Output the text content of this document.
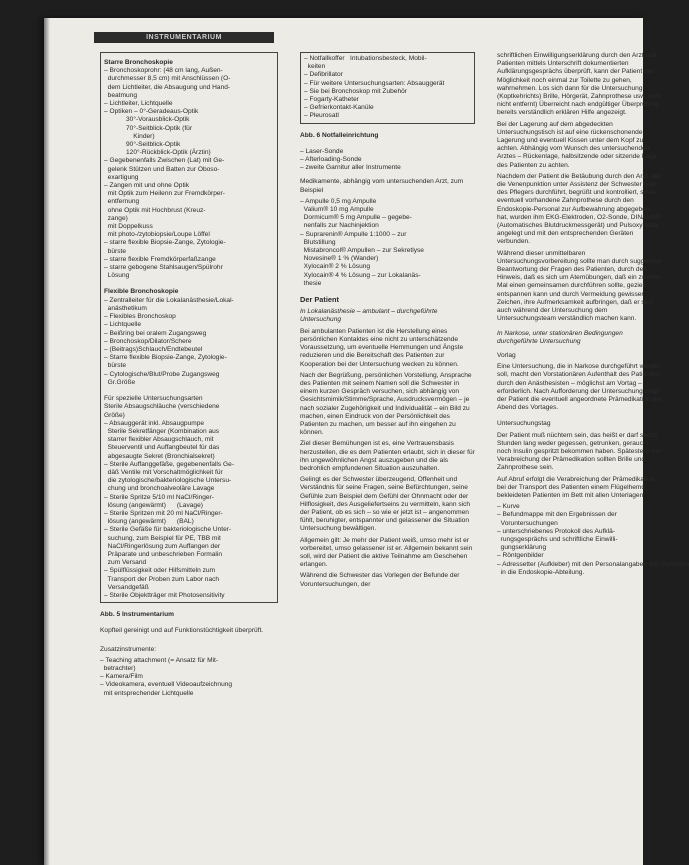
INSTRUMENTARIUM
Starre Bronchoskopie
– Bronchoskoprohr: (48 cm lang, Außen-
durchmesser 8,5 cm) mit Anschlüssen (O-
dem Lichtleiter, die Absaugung und Hand-
beatmung
– Lichtleiter, Lichtquelle
– Optiken – 0°-Geradeaus-Optik
30°-Vorausblick-Optik
70°-Seitblick-Optik (für
Kinder)
90°-Seitblick-Optik
120°-Rückblick-Optik (Ärztin)
– Gegebenenfalls Zwischen (Lat) mit Ge-
gelenk Stützen und Batten zur Oboso-
exartigung
– Zangen mit und ohne Optik
mit Optik zum Heilenn zur Fremdkörper-
entfernung
ohne Optik mit Hochbrust (Kreuz-
zange)
mit Doppelkuss
mit photo-/zytobiopsie/Loupe Löffel
– starre flexible Biopsie-Zange, Zytologie-
bürste
– starre flexible Fremdkörperfaßzange
– starre gebogene Stahlsaugen/Spülrohr
Lösung
Flexible Bronchoskopie
– Zentralleiter für die Lokalanästhesie/Lokal-
anästhetikum
– Flexibles Bronchoskop
– Lichtquelle
– Beißring bei oralem Zugangsweg
– Bronchoskop/Dilator/Schere
– (Beitrags)Schlauch/Endtebeutel
– Starre flexible Biopsie-Zange, Zytologie-
bürste
– Cytologische/Blut/Probe Zugangsweg
Gr.Größe

Für spezielle Untersuchungsarten
Sterile Absaugschläuche (verschiedene
Größe)
– Absauggerät inkl. Absaugpumpe
Sterile Sekretfänger (Kombination aus
starrer flexibler Absaugschlauch, mit
Steuerventil und Auffangbeutel für das
abgesaugte Sekret (Bronchialsekret)
– Sterile Auffanggefäße, gegebenenfalls Ge-
däß Ventile mit Vorschaltmöglichkeit für
die zytologische/bakteriologische Untersu-
chung und bronchoalveoläre Lavage
– Sterile Spritze 5/10 ml NaCl/Ringer-
lösung (angewärmt)      (Lavage)
– Sterile Spritzen mit 20 ml NaCl/Ringer-
lösung (angewärmt)      (BAL)
– Sterile Gefäße für bakteriologische Unter-
suchung, zum Beispiel für PE, TBB mit
NaCl/Ringerlösung zum Auffangen der
Präparate und unbeschrieben Formalin
zum Versand
– Spülflüssigkeit oder Hilfsmitteln zum
Transport der Proben zum Labor nach
Versandgefäß
– Sterile Objektträger mit Photosensitivity
Abb. 5 Instrumentarium
Kopfteil gereinigt und auf Funktionstüchtigkeit überprüft.
Zusatzinstrumente:
– Teaching attachment (= Ansatz für Mit-
betrachter)
– Kamera/Film
– Videokamera, eventuell Videoaufzeichnung
mit entsprechender Lichtquelle
– Notfallkoffer   Intubationsbesteck, Mobil-
keiten
– Defibrillator
– Für weitere Untersuchungsarten: Absauggerät
– Sie bei Bronchoskop mit Zubehör
– Fogarty-Katheter
– Gefrierkontakt-Kanüle
– Pleurosatl
Abb. 6 Notfalleinrichtung
– Laser-Sonde
– Afterloading-Sonde
– zweite Garnitur aller Instrumente
Medikamente, abhängig vom untersuchenden Arzt, zum Beispiel
– Ampulle 0,5 mg Ampulle
Valium® 10 mg Ampulle
Dormicum® 5 mg Ampulle – gegebe-
nenfalls zur Nachinjektion
– Suprarenin® Ampulle 1:1000 – zur
Blutstillung
Mistabroncol® Ampullen – zur Sekretlyse
Novesine® 1 % (Wander)
Xylocain® 2 % Lösung
Xylocain® 4 % Lösung – zur Lokalanäs-
thesie
Der Patient
In Lokalanästhesie – ambulant – durchgeführte Untersuchung
Bei ambulanten Patienten ist die Herstellung eines persönlichen Kontaktes eine nicht zu unterschätzende Voraussetzung, um eventuelle Hemmungen und Ängste reduzieren und die Bereitschaft des Patienten zur Kooperation bei der Untersuchung wecken zu können.
Nach der Begrüßung, persönlichen Vorstellung, Ansprache des Patienten mit seinem Namen soll die Schwester in einem kurzen Gespräch versuchen, sich abhängig von Gesichtsmimik/Stimme/Sprache, Ausdrucksvermögen – je nach sozialer Zugehörigkeit und Individualität – ein Bild zu machen, einen Eindruck von der Persönlichkeit des Patienten zu machen, um besser auf ihn eingehen zu können.
Ziel dieser Bemühungen ist es, eine Vertrauensbasis herzustellen, die es dem Patienten erlaubt, sich in dieser für ihn ungewöhnlichen Angst auszugeben und die als bedrohlich empfundenen Situation auszuhalten.
Gelingt es der Schwester überzeugend, Offenheit und Verständnis für seine Fragen, seine Befürchtungen, seine Gefühle zum Beispiel dem Gefühl der Ohnmacht oder der Hilflosigkeit, des Ausgeliefertseins zu vermitteln, kann sich der Patient, ob es sich – so wie er jetzt ist – angenommen fühlt, beruhigter, entspannter und gelassener die Situation Untersuchung bewältigen.
Allgemein gilt: Je mehr der Patient weiß, umso mehr ist er vorbereitet, umso gelassener ist er. Allgemein bekannt sein soll, wird der Patient die aktive Teilnahme am Geschehen erlangen.
Während die Schwester das Vorlegen der Befunde der Voruntersuchungen, der
schriftlichen Einwilligungserklärung durch den Arzt und Patienten mittels Unterschrift dokumentierten Aufklärungsgesprächs überprüft, kann der Patient die Möglichkeit noch einmal zur Toilette zu gehen, wahrnehmen. Los sich dann für die Untersuchung (Koptkehrichts) Brille, Hörgerät, Zahnprothese usw. wird nicht entfernt) Überreicht nach endgültiger Überprüfung bereits verständlich erklären Hilfe angezeigt.
Bei der Lagerung auf dem abgedeckten Untersuchungstisch ist auf eine rückenschonende Lagerung und eventuell Kissen unter dem Kopf zu achten. Abhängig vom Wunsch des untersuchenden Arztes – Rückenlage, halbsitzende oder sitzende Lage des Patienten zu achten.
Nachdem der Patient die Betäubung durch den Arzt, der die Venenpunktion unter Assistenz der Schwester oder des Pflegers durchführt, begrüßt und kontrolliert, sowie eventuell vorhandene Zahnprothese durch den Endoskopie-Personal zur Aufbewahrung abgegeben hat, wurden ihm EKG-Elektroden, O2-Sonde, DINAMAP (Automatisches Blutdruckmessgerät) und Pulsoxymeter angelegt und mit den entsprechenden Geräten verbunden.
Während dieser unmittelbaren Untersuchungsvorbereitung sollte man durch suggestive Beantwortung der Fragen des Patienten, durch den Hinweis, daß es sich um Atemübungen, daß ein zweites Mal einen gemeinsamen durchführen sollte, gezielt entspannen kann und durch Vermeidung gewisser Zeichen, ihre Aufmerksamkeit aufbringen, daß er sich auch während der Untersuchung dem Untersuchungsteam verständlich machen kann.
In Narkose, unter stationären Bedingungen durchgeführte Untersuchung
Vorlag
Eine Untersuchung, die in Narkose durchgeführt werden soll, macht den Vorstationären Aufenthalt des Patienten durch den Anästhesisten – möglichst am Vortag – erforderlich. Nach Aufforderung der Untersuchung zeigt der Patient die eventuell angeordnete Prämedikation am Abend des Vortages.
Untersuchungstag
Der Patient muß nüchtern sein, das heißt er darf sechs Stunden lang weder gegessen, getrunken, geraucht, noch Insulin gespritzt bekommen haben. Spätestens vor Verabreichung der Prämedikation sollten Brille und Zahnprothese sein.
Auf Abruf erfolgt die Verabreichung der Prämedikation bei der Transport des Patienten einem Flügelhemd bekleideten Patienten im Bett mit allen Unterlagen
– Kurve
– Befundmappe mit den Ergebnissen der
Voruntersuchungen
– unterschriebenes Protokoll des Aufklä-
rungsgesprächs und schriftliche Einwilli-
gungserklärung
– Röntgenbilder
– Adressetter (Aufkleber) mit den Personalangaben des Patienten
in die Endoskopie-Abteilung.
